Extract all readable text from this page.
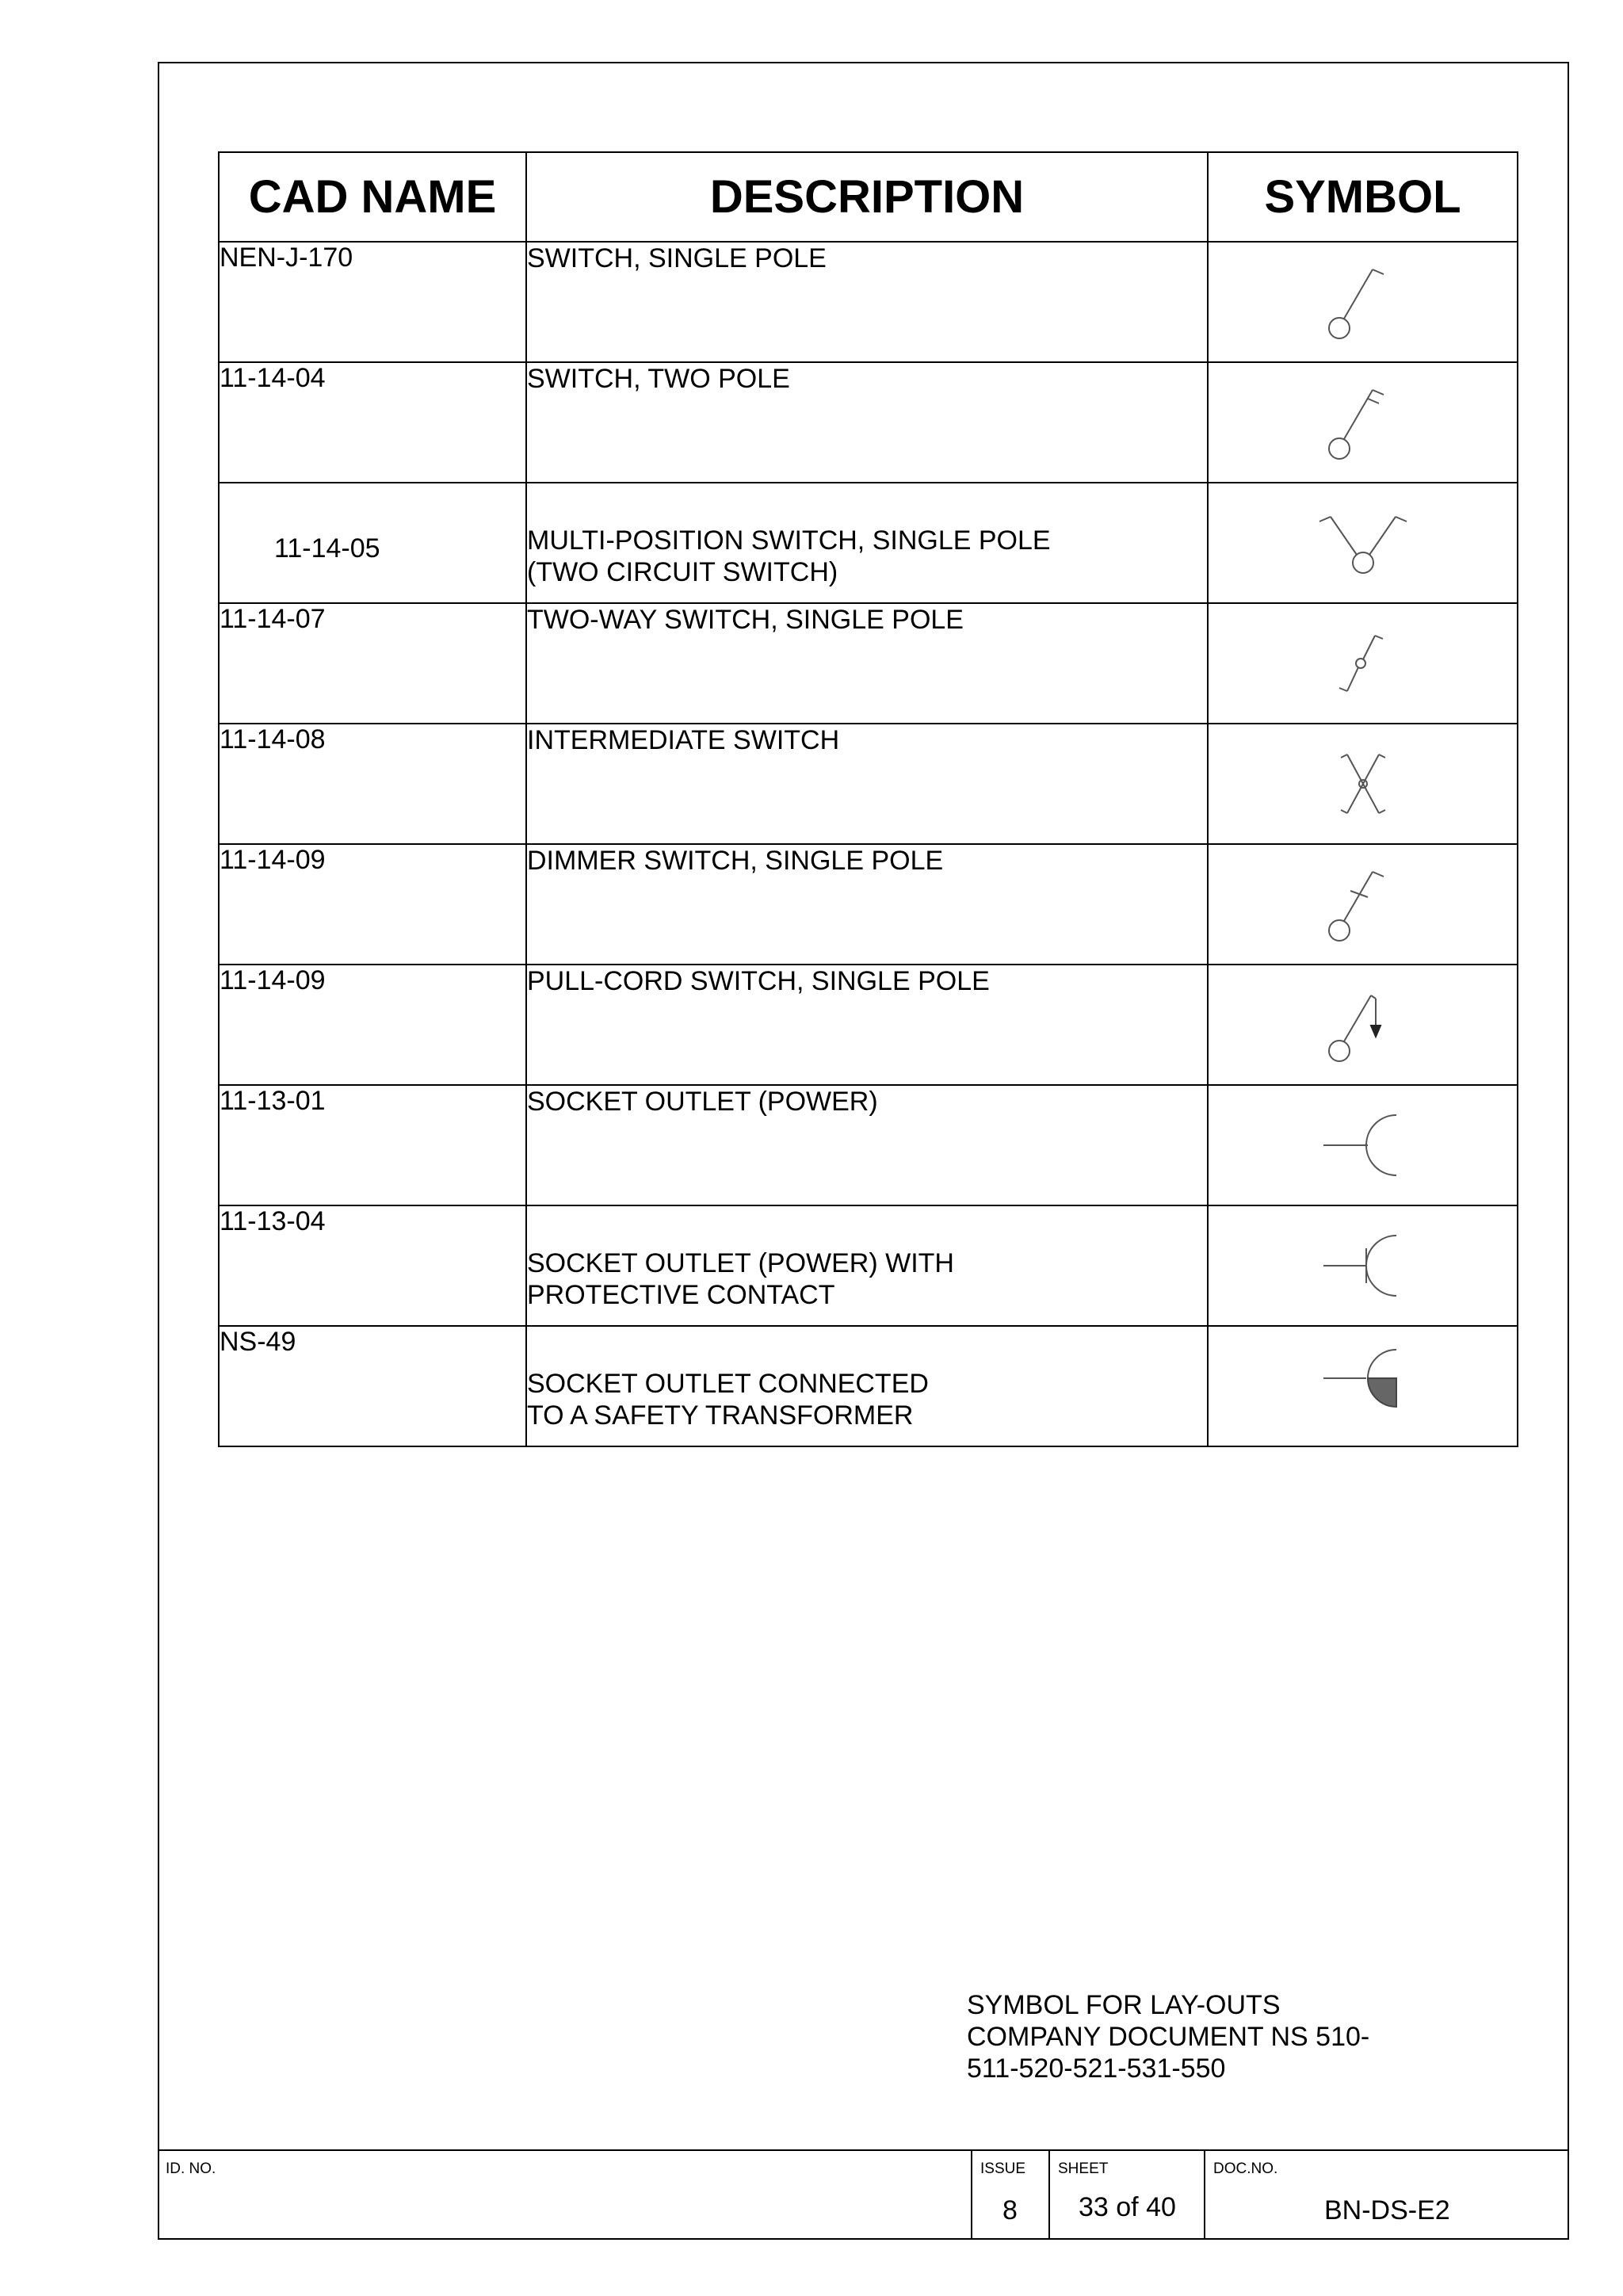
CAD NAME	DESCRIPTION	SYMBOL
NEN-J-170	SWITCH, SINGLE POLE

11-14-04	SWITCH, TWO POLE

11-14-05	MULTI-POSITION SWITCH, SINGLE POLE
(TWO CIRCUIT SWITCH)

11-14-07	TWO-WAY SWITCH, SINGLE POLE

11-14-08	INTERMEDIATE SWITCH

11-14-09	DIMMER SWITCH, SINGLE POLE

11-14-09	PULL-CORD SWITCH, SINGLE POLE

11-13-01	SOCKET OUTLET (POWER)

11-13-04	SOCKET OUTLET (POWER) WITH
PROTECTIVE CONTACT

NS-49	SOCKET OUTLET CONNECTED
TO A SAFETY TRANSFORMER

SYMBOL FOR LAY-OUTS
COMPANY DOCUMENT NS 510-
511-520-521-531-550
ID. NO.	ISSUE
8
SHEET
33 of 40
DOC.NO.
BN-DS-E2
